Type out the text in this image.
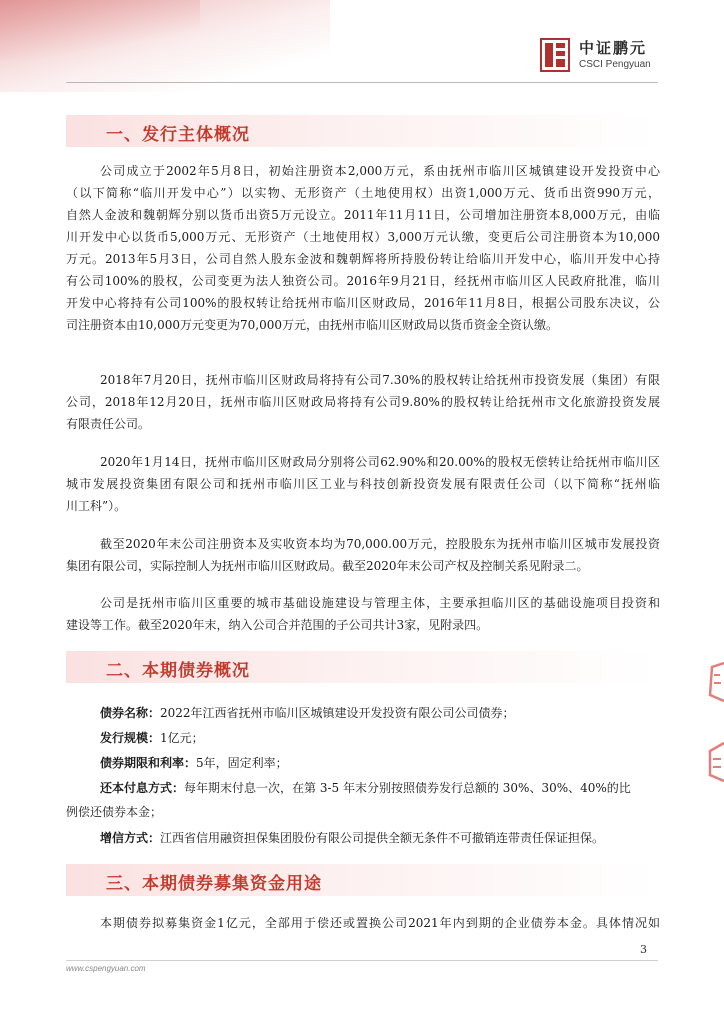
中证鹏元
CSCI Pengyuan
一、发行主体概况
公司成立于2002年5月8日，初始注册资本2,000万元，系由抚州市临川区城镇建设开发投资中心
（以下简称“临川开发中心”）以实物、无形资产（土地使用权）出资1,000万元、货币出资990万元，
自然人金波和魏朝辉分别以货币出资5万元设立。2011年11月11日，公司增加注册资本8,000万元，由临
川开发中心以货币5,000万元、无形资产（土地使用权）3,000万元认缴，变更后公司注册资本为10,000
万元。2013年5月3日，公司自然人股东金波和魏朝辉将所持股份转让给临川开发中心，临川开发中心持
有公司100%的股权，公司变更为法人独资公司。2016年9月21日，经抚州市临川区人民政府批准，临川
开发中心将持有公司100%的股权转让给抚州市临川区财政局，2016年11月8日，根据公司股东决议，公
司注册资本由10,000万元变更为70,000万元，由抚州市临川区财政局以货币资金全资认缴。
2018年7月20日，抚州市临川区财政局将持有公司7.30%的股权转让给抚州市投资发展（集团）有限
公司，2018年12月20日，抚州市临川区财政局将持有公司9.80%的股权转让给抚州市文化旅游投资发展
有限责任公司。
2020年1月14日，抚州市临川区财政局分别将公司62.90%和20.00%的股权无偿转让给抚州市临川区
城市发展投资集团有限公司和抚州市临川区工业与科技创新投资发展有限责任公司（以下简称“抚州临
川工科”）。
截至2020年末公司注册资本及实收资本均为70,000.00万元，控股股东为抚州市临川区城市发展投资
集团有限公司，实际控制人为抚州市临川区财政局。截至2020年末公司产权及控制关系见附录二。
公司是抚州市临川区重要的城市基础设施建设与管理主体，主要承担临川区的基础设施项目投资和
建设等工作。截至2020年末，纳入公司合并范围的子公司共计3家，见附录四。
二、本期债券概况
债券名称：2022年江西省抚州市临川区城镇建设开发投资有限公司公司债券；
发行规模：1亿元；
债券期限和利率：5年，固定利率；
还本付息方式：每年期末付息一次，在第 3-5 年末分别按照债券发行总额的 30%、30%、40%的比
例偿还债券本金；
增信方式：江西省信用融资担保集团股份有限公司提供全额无条件不可撤销连带责任保证担保。
三、本期债券募集资金用途
本期债券拟募集资金1亿元，全部用于偿还或置换公司2021年内到期的企业债券本金。具体情况如
3
www.cspengyuan.com
